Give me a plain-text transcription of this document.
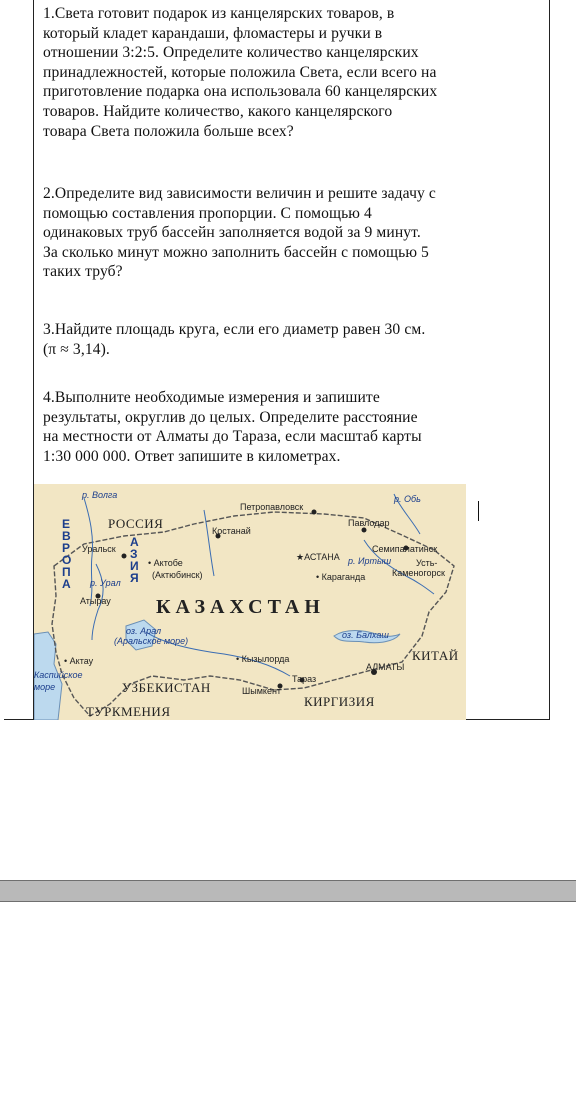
1.Света готовит подарок из канцелярских товаров, в

который кладет карандаши, фломастеры и ручки в

отношении 3:2:5. Определите количество канцелярских

принадлежностей, которые положила Света, если всего на

приготовление подарка она использовала 60 канцелярских

товаров. Найдите количество, какого канцелярского

товара Света положила больше всех?

2.Определите вид зависимости величин и решите задачу с

помощью составления пропорции. С помощью 4

одинаковых труб бассейн заполняется водой за 9 минут.

За сколько минут можно заполнить бассейн с помощью 5

таких труб?

3.Найдите площадь круга, если его диаметр равен 30 см.

(π ≈ 3,14).

4.Выполните необходимые измерения и запишите

результаты, округлив до целых. Определите расстояние

на местности от Алматы до Тараза, если масштаб карты

1:30 000 000. Ответ запишите в километрах.

р. Волга	р. Обь
Петропавловск
Павлодар
РОССИЯ	Костанай
Е
В
Р
О
П
А
А
З
И
Я
Уральск
• Актобе
(Актюбинск)
★АСТАНА р. Иртыш
Семипалатинск
Усть-
Каменогорск
• Караганда
р. Урал
Атырау КАЗАХСТАН
оз. Арал
(Аральское море)
оз. Балхаш
• Актау	• Кызылорда	КИТАЙ
АЛМАТЫ
Каспийское
море
Тараз
УЗБЕКИСТАН	Шымкент
КИРГИЗИЯ
ТУРКМЕНИЯ
